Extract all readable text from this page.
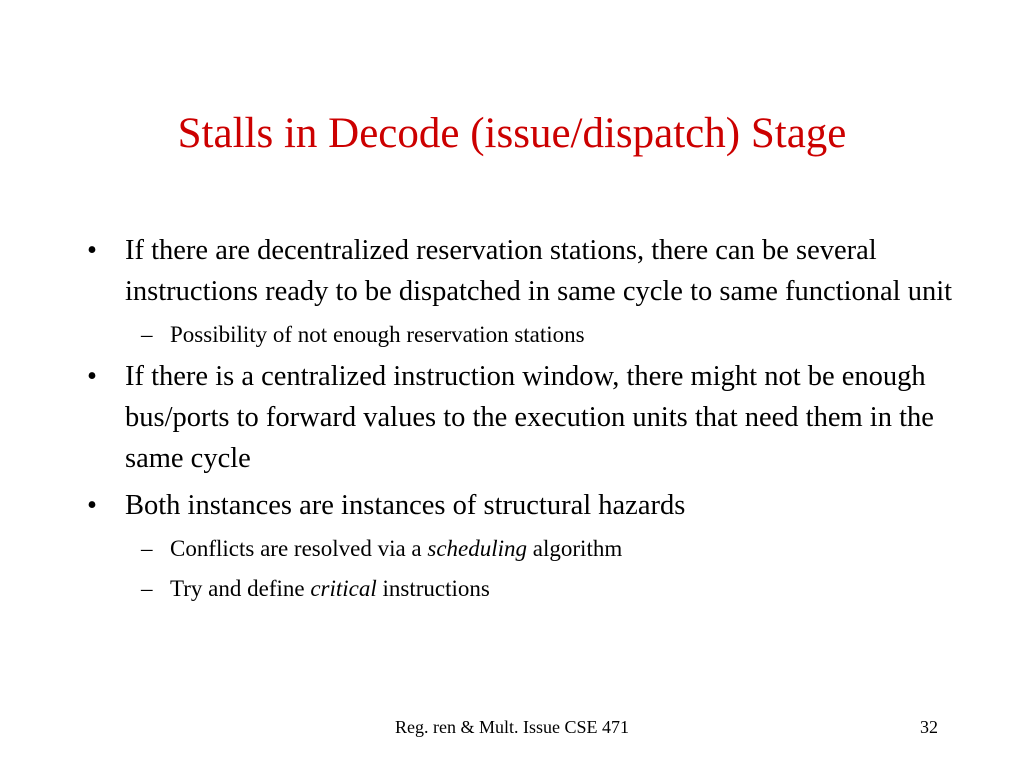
Stalls in Decode (issue/dispatch) Stage
• If there are decentralized reservation stations, there can be several instructions ready to be dispatched in same cycle to same functional unit
– Possibility of not enough reservation stations
• If there is a centralized instruction window, there might not be enough bus/ports to forward values to the execution units that need them in the same cycle
• Both instances are instances of structural hazards
– Conflicts are resolved via a scheduling algorithm
– Try and define critical instructions
Reg. ren & Mult. Issue CSE 471	32
